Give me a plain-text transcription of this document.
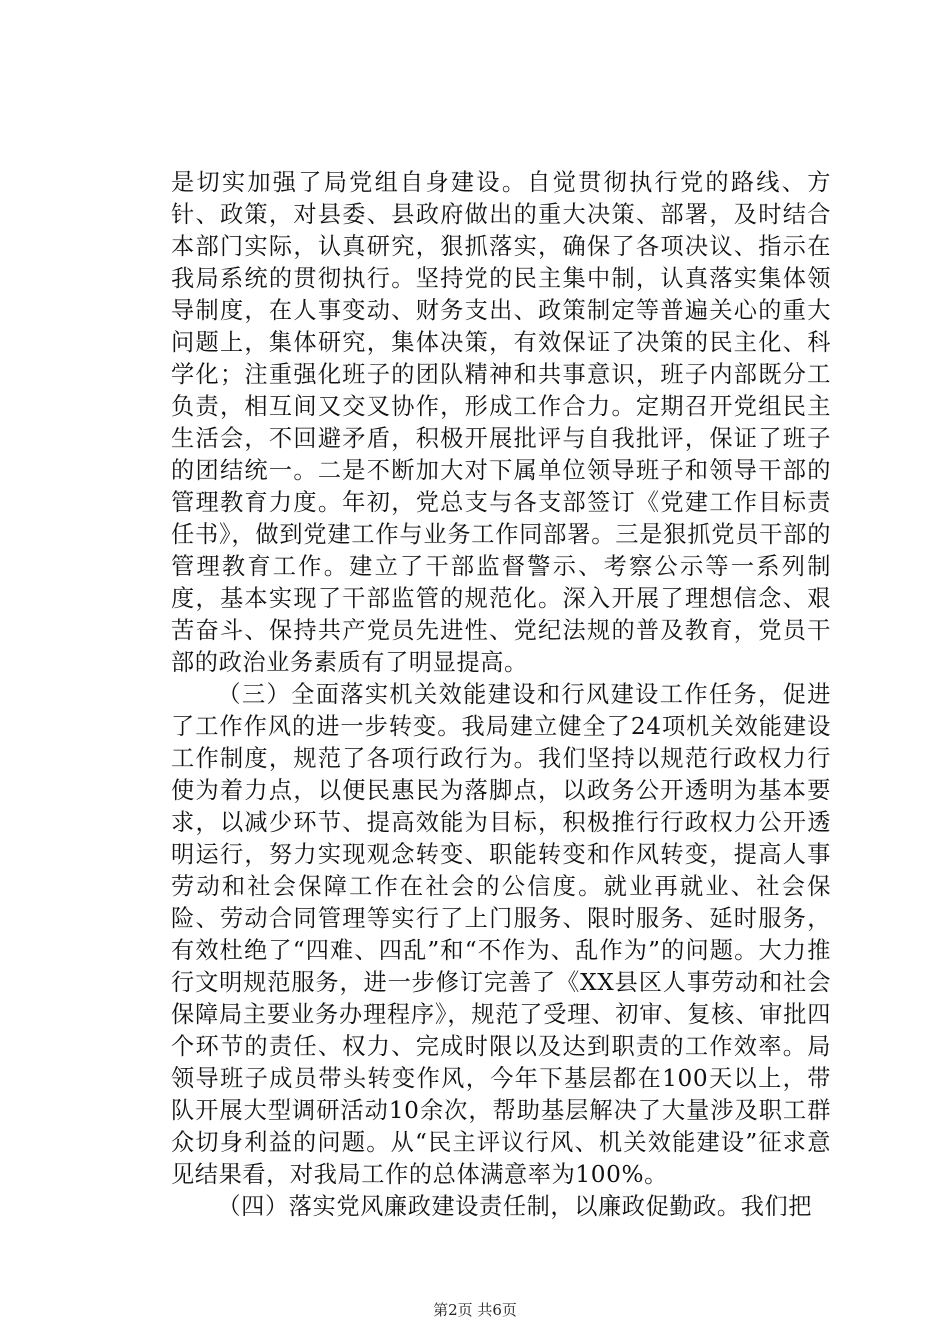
是切实加强了局党组自身建设。自觉贯彻执行党的路线、方针、政策，对县委、县政府做出的重大决策、部署，及时结合本部门实际，认真研究，狠抓落实，确保了各项决议、指示在我局系统的贯彻执行。坚持党的民主集中制，认真落实集体领导制度，在人事变动、财务支出、政策制定等普遍关心的重大问题上，集体研究，集体决策，有效保证了决策的民主化、科学化；注重强化班子的团队精神和共事意识，班子内部既分工负责，相互间又交叉协作，形成工作合力。定期召开党组民主生活会，不回避矛盾，积极开展批评与自我批评，保证了班子的团结统一。二是不断加大对下属单位领导班子和领导干部的管理教育力度。年初，党总支与各支部签订《党建工作目标责任书》，做到党建工作与业务工作同部署。三是狠抓党员干部的管理教育工作。建立了干部监督警示、考察公示等一系列制度，基本实现了干部监管的规范化。深入开展了理想信念、艰苦奋斗、保持共产党员先进性、党纪法规的普及教育，党员干部的政治业务素质有了明显提高。

（三）全面落实机关效能建设和行风建设工作任务，促进了工作作风的进一步转变。我局建立健全了24项机关效能建设工作制度，规范了各项行政行为。我们坚持以规范行政权力行使为着力点，以便民惠民为落脚点，以政务公开透明为基本要求，以减少环节、提高效能为目标，积极推行行政权力公开透明运行，努力实现观念转变、职能转变和作风转变，提高人事劳动和社会保障工作在社会的公信度。就业再就业、社会保险、劳动合同管理等实行了上门服务、限时服务、延时服务，有效杜绝了“四难、四乱”和“不作为、乱作为”的问题。大力推行文明规范服务，进一步修订完善了《XX县区人事劳动和社会保障局主要业务办理程序》，规范了受理、初审、复核、审批四个环节的责任、权力、完成时限以及达到职责的工作效率。局领导班子成员带头转变作风，今年下基层都在100天以上，带队开展大型调研活动10余次，帮助基层解决了大量涉及职工群众切身利益的问题。从“民主评议行风、机关效能建设”征求意见结果看，对我局工作的总体满意率为100%。

（四）落实党风廉政建设责任制，以廉政促勤政。我们把

第2页 共6页
